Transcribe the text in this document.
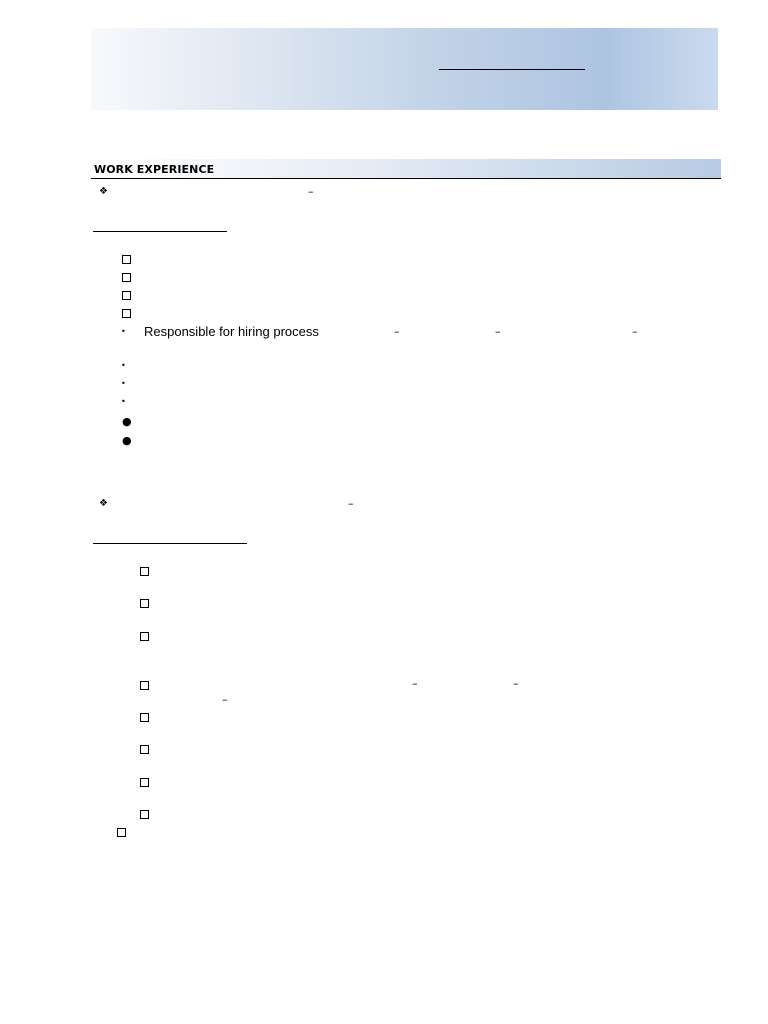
WORK EXPERIENCE
❖	–
• Responsible for hiring process	–	–	–
•
•
•
●
●
❖	–
–	–
–
